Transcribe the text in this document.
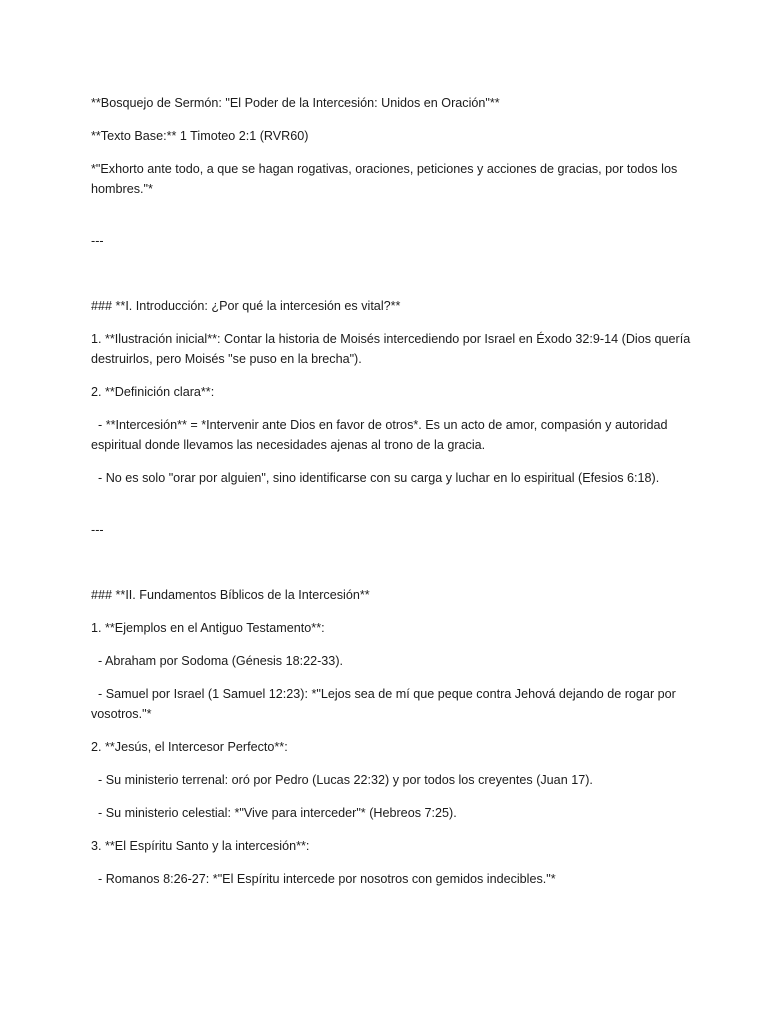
**Bosquejo de Sermón: "El Poder de la Intercesión: Unidos en Oración"**

**Texto Base:** 1 Timoteo 2:1 (RVR60)

*"Exhorto ante todo, a que se hagan rogativas, oraciones, peticiones y acciones de gracias, por todos los hombres."*

---

### **I. Introducción: ¿Por qué la intercesión es vital?**

1. **Ilustración inicial**: Contar la historia de Moisés intercediendo por Israel en Éxodo 32:9-14 (Dios quería destruirlos, pero Moisés "se puso en la brecha").

2. **Definición clara**:

- **Intercesión** = *Intervenir ante Dios en favor de otros*. Es un acto de amor, compasión y autoridad espiritual donde llevamos las necesidades ajenas al trono de la gracia.

- No es solo "orar por alguien", sino identificarse con su carga y luchar en lo espiritual (Efesios 6:18).

---

### **II. Fundamentos Bíblicos de la Intercesión**

1. **Ejemplos en el Antiguo Testamento**:

- Abraham por Sodoma (Génesis 18:22-33).

- Samuel por Israel (1 Samuel 12:23): *"Lejos sea de mí que peque contra Jehová dejando de rogar por vosotros."*

2. **Jesús, el Intercesor Perfecto**:

- Su ministerio terrenal: oró por Pedro (Lucas 22:32) y por todos los creyentes (Juan 17).

- Su ministerio celestial: *"Vive para interceder"* (Hebreos 7:25).

3. **El Espíritu Santo y la intercesión**:

- Romanos 8:26-27: *"El Espíritu intercede por nosotros con gemidos indecibles."*
